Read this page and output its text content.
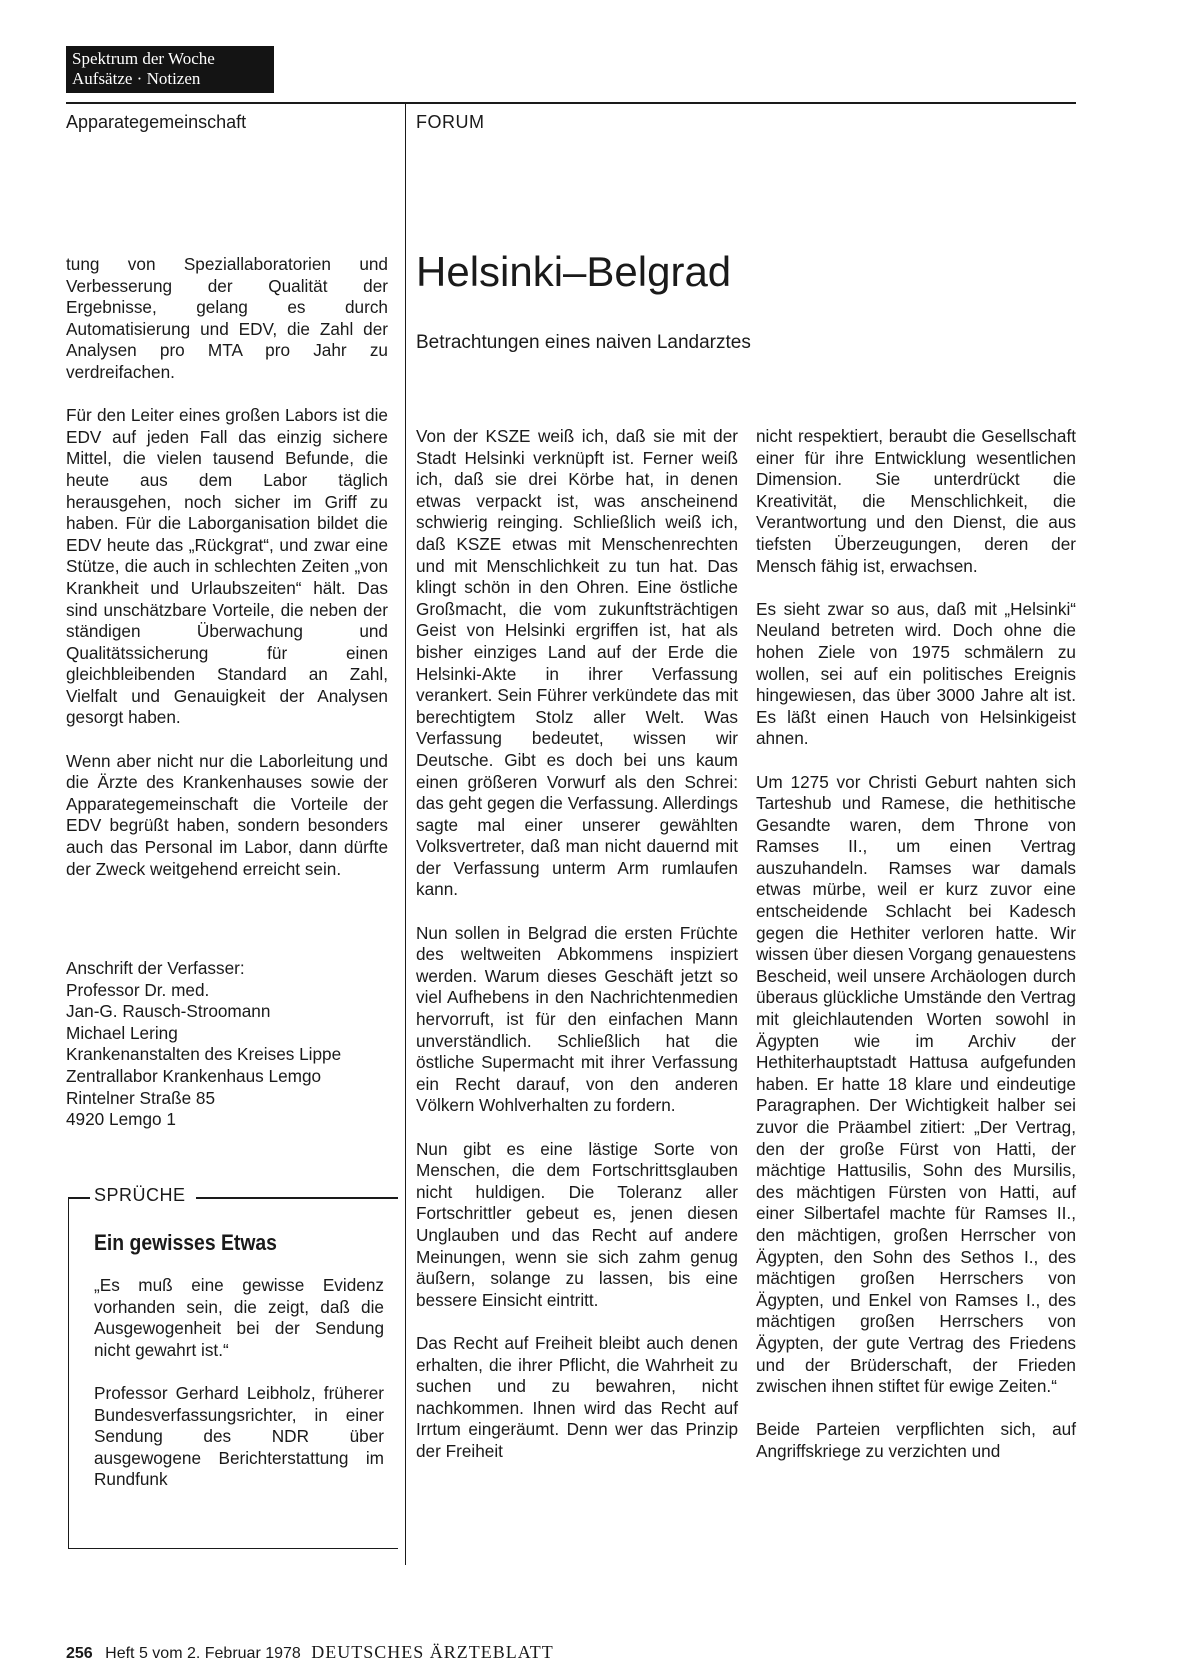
Spektrum der Woche
Aufsätze · Notizen
Apparategemeinschaft	FORUM
Helsinki–Belgrad
Betrachtungen eines naiven Landarztes

tung von Speziallaboratorien und Verbesserung der Qualität der Ergebnisse, gelang es durch Automatisierung und EDV, die Zahl der Analysen pro MTA pro Jahr zu verdreifachen.

Für den Leiter eines großen Labors ist die EDV auf jeden Fall das einzig sichere Mittel, die vielen tausend Befunde, die heute aus dem Labor täglich herausgehen, noch sicher im Griff zu haben. Für die Laborganisation bildet die EDV heute das „Rückgrat“, und zwar eine Stütze, die auch in schlechten Zeiten „von Krankheit und Urlaubszeiten“ hält. Das sind unschätzbare Vorteile, die neben der ständigen Überwachung und Qualitätssicherung für einen gleichbleibenden Standard an Zahl, Vielfalt und Genauigkeit der Analysen gesorgt haben.

Wenn aber nicht nur die Laborleitung und die Ärzte des Krankenhauses sowie der Apparategemeinschaft die Vorteile der EDV begrüßt haben, sondern besonders auch das Personal im Labor, dann dürfte der Zweck weitgehend erreicht sein.

Anschrift der Verfasser:
Professor Dr. med.
Jan-G. Rausch-Stroomann
Michael Lering
Krankenanstalten des Kreises Lippe
Zentrallabor Krankenhaus Lemgo
Rintelner Straße 85
4920 Lemgo 1
SPRÜCHE
Ein gewisses Etwas

„Es muß eine gewisse Evidenz vorhanden sein, die zeigt, daß die Ausgewogenheit bei der Sendung nicht gewahrt ist.“

Professor Gerhard Leibholz, früherer Bundesverfassungsrichter, in einer Sendung des NDR über ausgewogene Berichterstattung im Rundfunk

Von der KSZE weiß ich, daß sie mit der Stadt Helsinki verknüpft ist. Ferner weiß ich, daß sie drei Körbe hat, in denen etwas verpackt ist, was anscheinend schwierig reinging. Schließlich weiß ich, daß KSZE etwas mit Menschenrechten und mit Menschlichkeit zu tun hat. Das klingt schön in den Ohren. Eine östliche Großmacht, die vom zukunftsträchtigen Geist von Helsinki ergriffen ist, hat als bisher einziges Land auf der Erde die Helsinki-Akte in ihrer Verfassung verankert. Sein Führer verkündete das mit berechtigtem Stolz aller Welt. Was Verfassung bedeutet, wissen wir Deutsche. Gibt es doch bei uns kaum einen größeren Vorwurf als den Schrei: das geht gegen die Verfassung. Allerdings sagte mal einer unserer gewählten Volksvertreter, daß man nicht dauernd mit der Verfassung unterm Arm rumlaufen kann.

Nun sollen in Belgrad die ersten Früchte des weltweiten Abkommens inspiziert werden. Warum dieses Geschäft jetzt so viel Aufhebens in den Nachrichtenmedien hervorruft, ist für den einfachen Mann unverständlich. Schließlich hat die östliche Supermacht mit ihrer Verfassung ein Recht darauf, von den anderen Völkern Wohlverhalten zu fordern.

Nun gibt es eine lästige Sorte von Menschen, die dem Fortschrittsglauben nicht huldigen. Die Toleranz aller Fortschrittler gebeut es, jenen diesen Unglauben und das Recht auf andere Meinungen, wenn sie sich zahm genug äußern, solange zu lassen, bis eine bessere Einsicht eintritt.

Das Recht auf Freiheit bleibt auch denen erhalten, die ihrer Pflicht, die Wahrheit zu suchen und zu bewahren, nicht nachkommen. Ihnen wird das Recht auf Irrtum eingeräumt. Denn wer das Prinzip der Freiheit

nicht respektiert, beraubt die Gesellschaft einer für ihre Entwicklung wesentlichen Dimension. Sie unterdrückt die Kreativität, die Menschlichkeit, die Verantwortung und den Dienst, die aus tiefsten Überzeugungen, deren der Mensch fähig ist, erwachsen.

Es sieht zwar so aus, daß mit „Helsinki“ Neuland betreten wird. Doch ohne die hohen Ziele von 1975 schmälern zu wollen, sei auf ein politisches Ereignis hingewiesen, das über 3000 Jahre alt ist. Es läßt einen Hauch von Helsinkigeist ahnen.

Um 1275 vor Christi Geburt nahten sich Tarteshub und Ramese, die hethitische Gesandte waren, dem Throne von Ramses II., um einen Vertrag auszuhandeln. Ramses war damals etwas mürbe, weil er kurz zuvor eine entscheidende Schlacht bei Kadesch gegen die Hethiter verloren hatte. Wir wissen über diesen Vorgang genauestens Bescheid, weil unsere Archäologen durch überaus glückliche Umstände den Vertrag mit gleichlautenden Worten sowohl in Ägypten wie im Archiv der Hethiterhauptstadt Hattusa aufgefunden haben. Er hatte 18 klare und eindeutige Paragraphen. Der Wichtigkeit halber sei zuvor die Präambel zitiert: „Der Vertrag, den der große Fürst von Hatti, der mächtige Hattusilis, Sohn des Mursilis, des mächtigen Fürsten von Hatti, auf einer Silbertafel machte für Ramses II., den mächtigen, großen Herrscher von Ägypten, den Sohn des Sethos I., des mächtigen großen Herrschers von Ägypten, und Enkel von Ramses I., des mächtigen großen Herrschers von Ägypten, der gute Vertrag des Friedens und der Brüderschaft, der Frieden zwischen ihnen stiftet für ewige Zeiten.“

Beide Parteien verpflichten sich, auf Angriffskriege zu verzichten und

256 Heft 5 vom 2. Februar 1978 DEUTSCHES ÄRZTEBLATT
